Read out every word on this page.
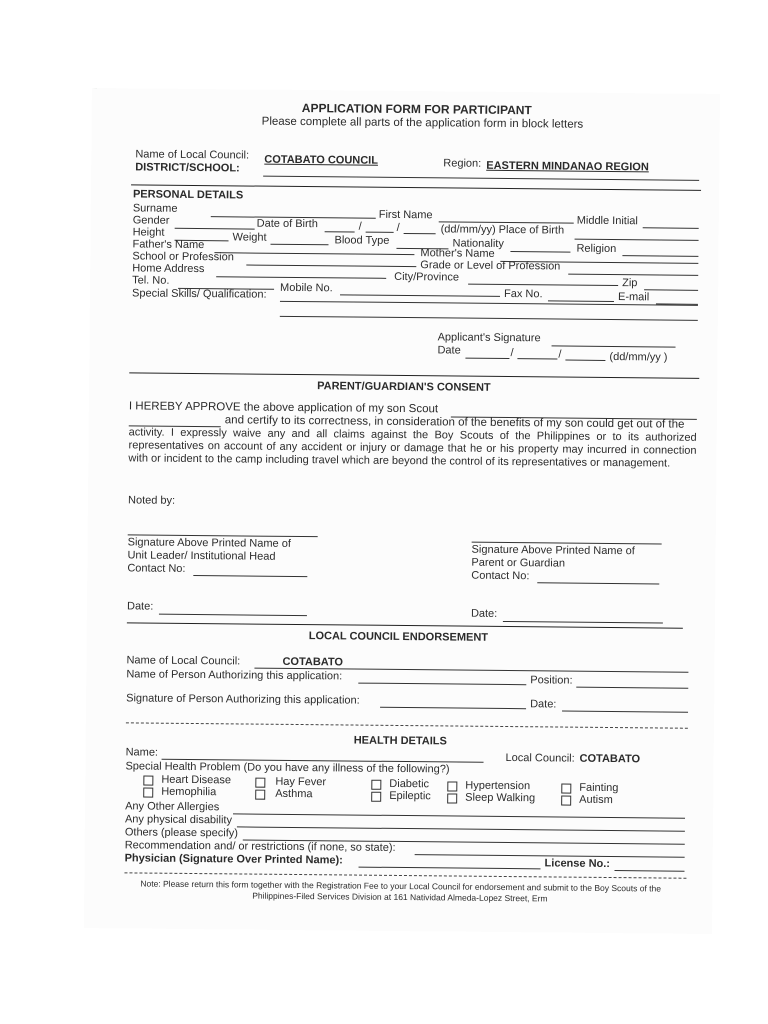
APPLICATION FORM FOR PARTICIPANT
Please complete all parts of the application form in block letters
Name of Local Council: COTABATO COUNCIL
DISTRICT/SCHOOL:	Region: EASTERN MINDANAO REGION
PERSONAL DETAILS
Surname
First Name	Middle Initial
Gender	Date of Birth	/	/	(dd/mm/yy) Place of Birth
Height	Weight	Blood Type	Nationality	Religion
Father's Name
Mother's Name
School or Profession
Grade or Level of Profession
Home Address
City/Province	Zip
Tel. No.
Mobile No.	Fax No.	E-mail
Special Skills/ Qualification:
Applicant's Signature
Date	/	/	(dd/mm/yy )
PARENT/GUARDIAN'S CONSENT
I HEREBY APPROVE the above application of my son Scout
and certify to its correctness, in consideration of the benefits of my son could get out of the
activity. I expressly waive any and all claims against the Boy Scouts of the Philippines or to its authorized representatives on account of any accident or injury or damage that he or his property may incurred in connection with or incident to the camp including travel which are beyond the control of its representatives or management.
Noted by:
Signature Above Printed Name of
Unit Leader/ Institutional Head
Contact No:
Signature Above Printed Name of
Parent or Guardian
Contact No:
Date:
Date:
LOCAL COUNCIL ENDORSEMENT
Name of Local Council:	COTABATO
Name of Person Authorizing this application:	Position:
Signature of Person Authorizing this application:	Date:
HEALTH DETAILS
Name:	Local Council: COTABATO
Special Health Problem (Do you have any illness of the following?)
Heart Disease	Hay Fever	Diabetic	Hypertension	Fainting
Hemophilia	Asthma	Epileptic	Sleep Walking	Autism
Any Other Allergies
Any physical disability
Others (please specify)
Recommendation and/ or restrictions (if none, so state):
Physician (Signature Over Printed Name):	License No.:
Note: Please return this form together with the Registration Fee to your Local Council for endorsement and submit to the Boy Scouts of the
Philippines-Filed Services Division at 161 Natividad Almeda-Lopez Street, Erm
